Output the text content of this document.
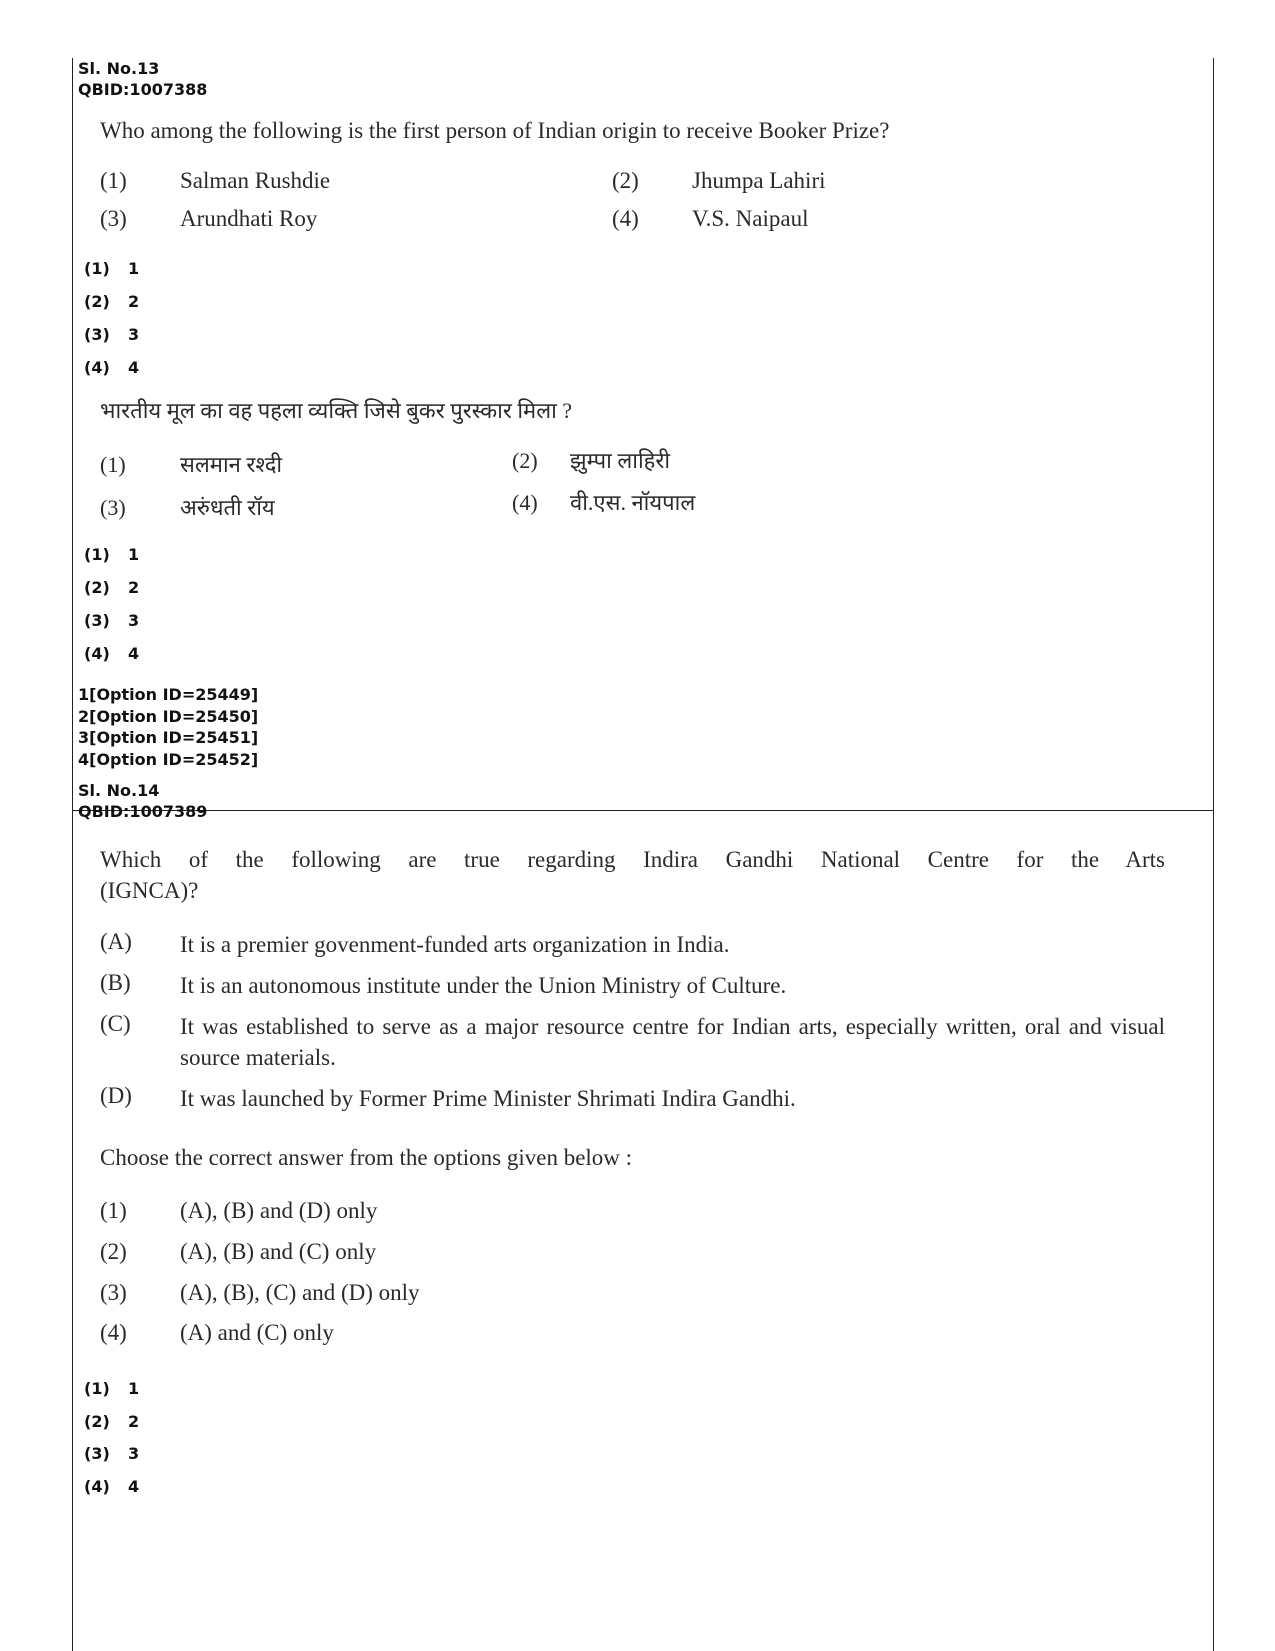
Sl. No.13
QBID:1007388
Who among the following is the first person of Indian origin to receive Booker Prize?
(1)	Salman Rushdie	(2)	Jhumpa Lahiri
(3)	Arundhati Roy	(4)	V.S. Naipaul
(1) 1
(2) 2
(3) 3
(4) 4
भारतीय मूल का वह पहला व्यक्ति जिसे बुकर पुरस्कार मिला ?
(1)	सलमान रश्दी	(2)	झुम्पा लाहिरी
(3)	अरुंधती रॉय	(4)	वी.एस. नॉयपाल
(1) 1
(2) 2
(3) 3
(4) 4
1[Option ID=25449]
2[Option ID=25450]
3[Option ID=25451]
4[Option ID=25452]
Sl. No.14
QBID:1007389
Which of the following are true regarding Indira Gandhi National Centre for the Arts
(IGNCA)?
(A)	It is a premier govenment-funded arts organization in India.
(B)	It is an autonomous institute under the Union Ministry of Culture.
(C)	It was established to serve as a major resource centre for Indian arts, especially written, oral and visual source materials.
(D)	It was launched by Former Prime Minister Shrimati Indira Gandhi.
Choose the correct answer from the options given below :
(1)	(A), (B) and (D) only
(2)	(A), (B) and (C) only
(3)	(A), (B), (C) and (D) only
(4)	(A) and (C) only
(1) 1
(2) 2
(3) 3
(4) 4
